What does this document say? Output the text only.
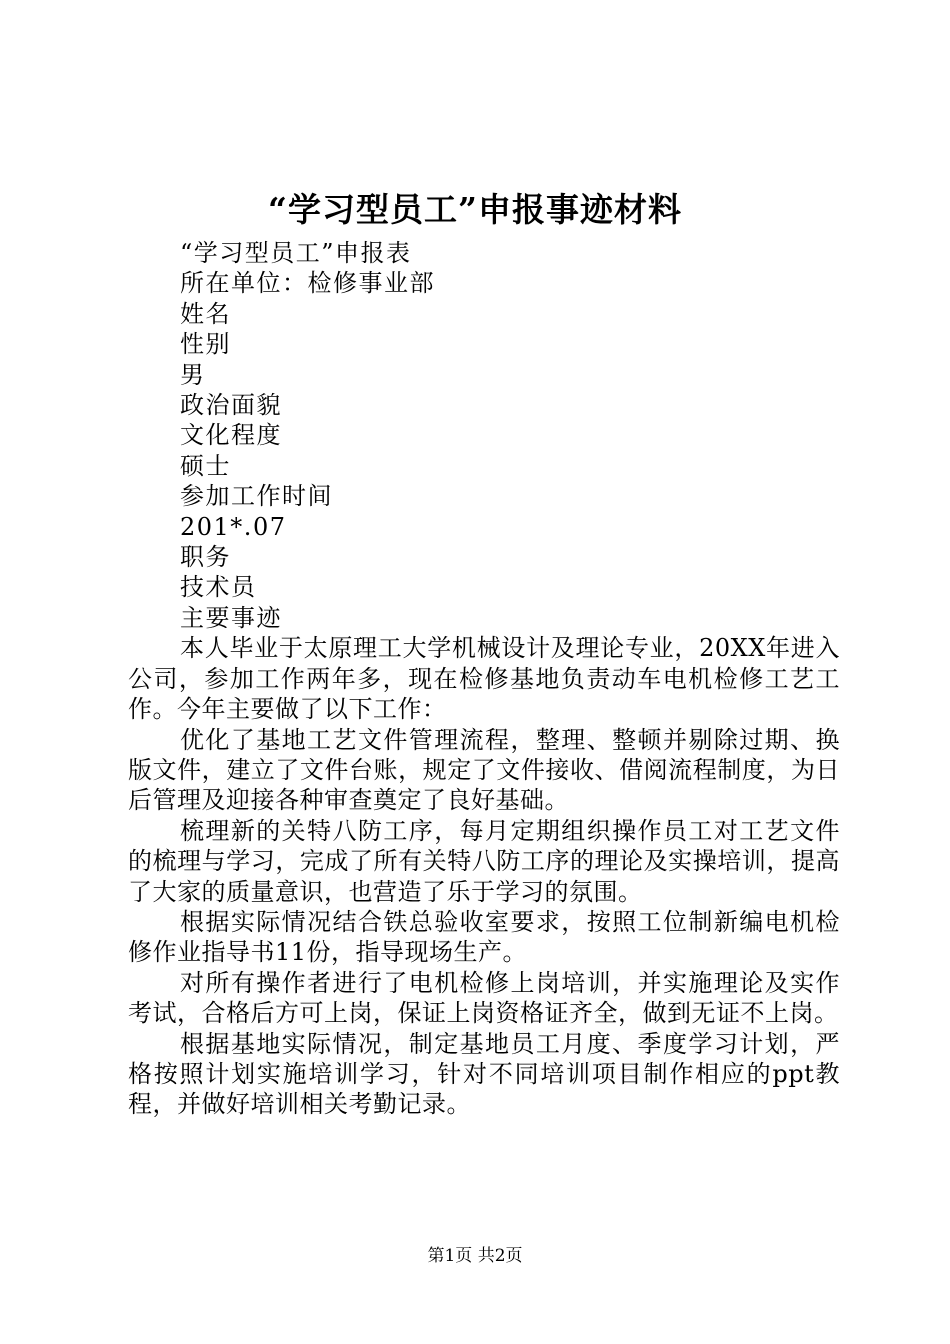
“学习型员工”申报事迹材料
“学习型员工”申报表
所在单位：检修事业部
姓名
性别
男
政治面貌
文化程度
硕士
参加工作时间
201*.07
职务
技术员
主要事迹

本人毕业于太原理工大学机械设计及理论专业，20XX年进入公司，参加工作两年多，现在检修基地负责动车电机检修工艺工作。今年主要做了以下工作：

优化了基地工艺文件管理流程，整理、整顿并剔除过期、换版文件，建立了文件台账，规定了文件接收、借阅流程制度，为日后管理及迎接各种审查奠定了良好基础。

梳理新的关特八防工序，每月定期组织操作员工对工艺文件的梳理与学习，完成了所有关特八防工序的理论及实操培训，提高了大家的质量意识，也营造了乐于学习的氛围。

根据实际情况结合铁总验收室要求，按照工位制新编电机检修作业指导书11份，指导现场生产。

对所有操作者进行了电机检修上岗培训，并实施理论及实作考试，合格后方可上岗，保证上岗资格证齐全，做到无证不上岗。

根据基地实际情况，制定基地员工月度、季度学习计划，严格按照计划实施培训学习，针对不同培训项目制作相应的ppt教程，并做好培训相关考勤记录。

第1页 共2页
